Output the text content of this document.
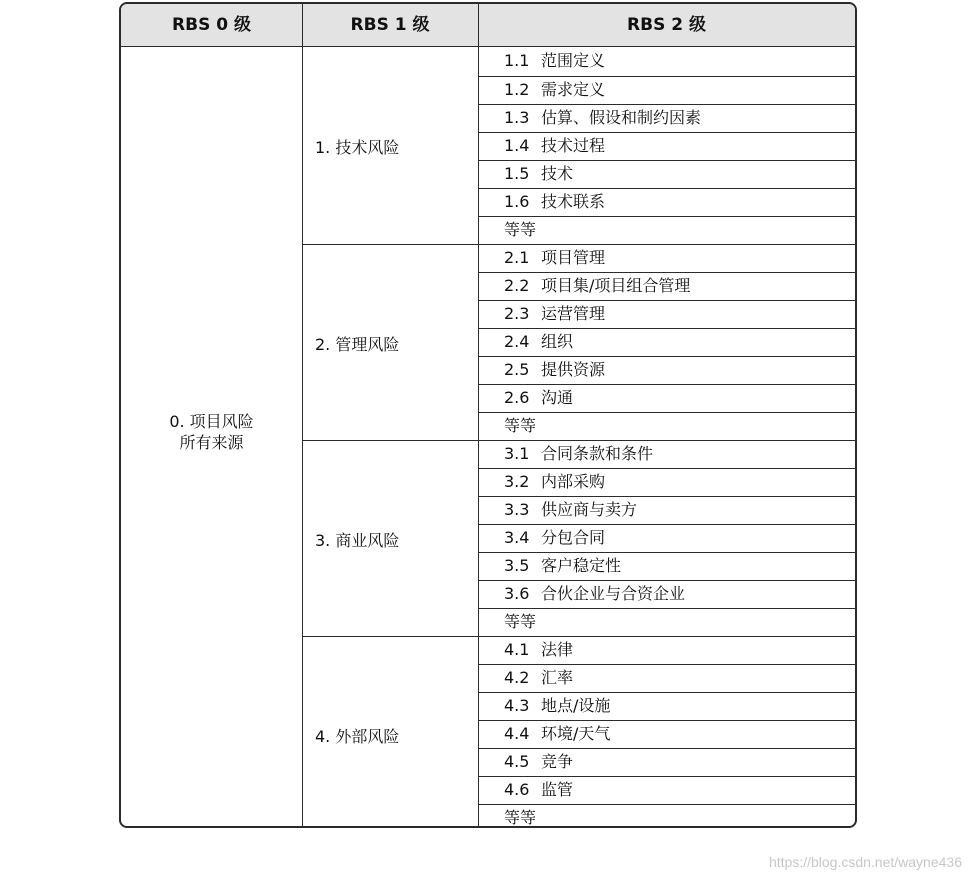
RBS 0 级	RBS 1 级	RBS 2 级
0. 项目风险
所有来源
1. 技术风险
1.1 范围定义
1.2 需求定义
1.3 估算、假设和制约因素
1.4 技术过程
1.5 技术
1.6 技术联系
等等
2. 管理风险
2.1 项目管理
2.2 项目集/项目组合管理
2.3 运营管理
2.4 组织
2.5 提供资源
2.6 沟通
等等
3. 商业风险
3.1 合同条款和条件
3.2 内部采购
3.3 供应商与卖方
3.4 分包合同
3.5 客户稳定性
3.6 合伙企业与合资企业
等等
4. 外部风险
4.1 法律
4.2 汇率
4.3 地点/设施
4.4 环境/天气
4.5 竞争
4.6 监管
等等
https://blog.csdn.net/wayne436
